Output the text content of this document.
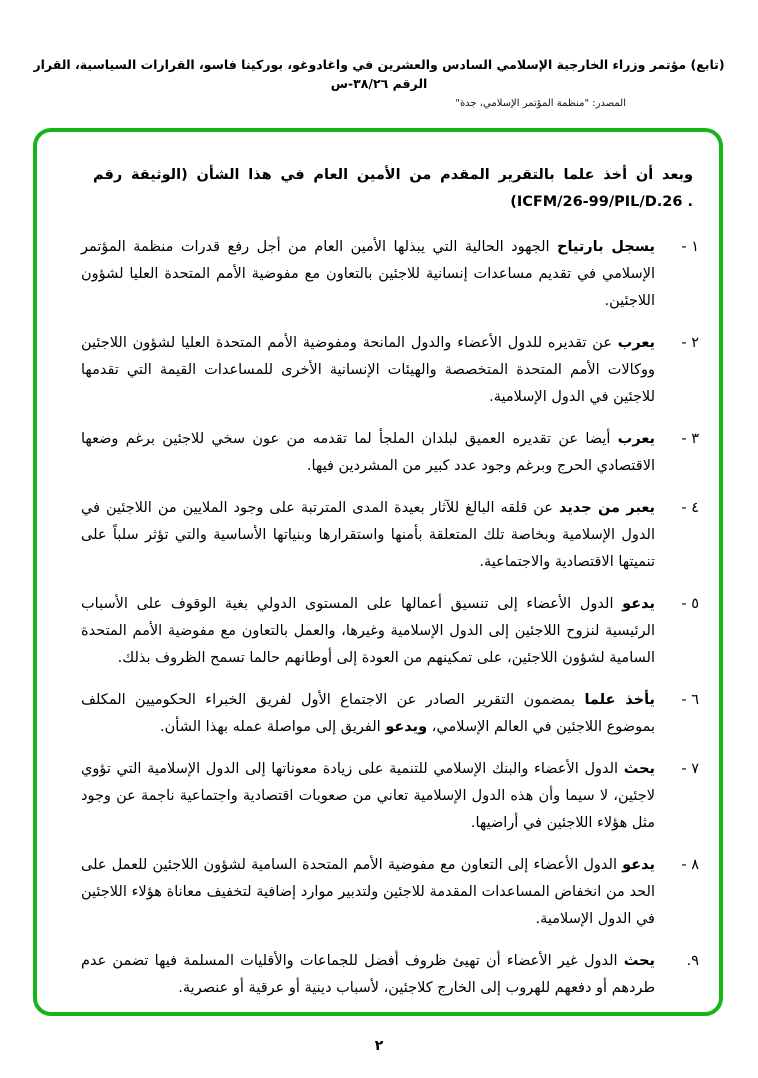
(تابع) مؤتمر وزراء الخارجية الإسلامي السادس والعشرين في واغادوغو، بوركينا فاسو، القرارات السياسية، القرار الرقم ٣٨/٢٦-س
المصدر: "منظمة المؤتمر الإسلامي، جدة"

وبعد أن أخذ علما بالتقرير المقدم من الأمين العام في هذا الشأن (الوثيقة رقم (ICFM/26-99/PIL/D.26 .

١ -

يسجل بارتياح الجهود الحالية التي يبذلها الأمين العام من أجل رفع قدرات منظمة المؤتمر الإسلامي في تقديم مساعدات إنسانية للاجئين بالتعاون مع مفوضية الأمم المتحدة العليا لشؤون اللاجئين.

٢ -

يعرب عن تقديره للدول الأعضاء والدول المانحة ومفوضية الأمم المتحدة العليا لشؤون اللاجئين ووكالات الأمم المتحدة المتخصصة والهيئات الإنسانية الأخرى للمساعدات القيمة التي تقدمها للاجئين في الدول الإسلامية.

٣ -

يعرب أيضا عن تقديره العميق لبلدان الملجأ لما تقدمه من عون سخي للاجئين برغم وضعها الاقتصادي الحرج وبرغم وجود عدد كبير من المشردين فيها.

٤ -

يعبر من جديد عن قلقه البالغ للآثار بعيدة المدى المترتبة على وجود الملايين من اللاجئين في الدول الإسلامية وبخاصة تلك المتعلقة بأمنها واستقرارها وبنياتها الأساسية والتي تؤثر سلباً على تنميتها الاقتصادية والاجتماعية.

٥ -

يدعو الدول الأعضاء إلى تنسيق أعمالها على المستوى الدولي بغية الوقوف على الأسباب الرئيسية لنزوح اللاجئين إلى الدول الإسلامية وغيرها، والعمل بالتعاون مع مفوضية الأمم المتحدة السامية لشؤون اللاجئين، على تمكينهم من العودة إلى أوطانهم حالما تسمح الظروف بذلك.

٦ -

يأخذ علما بمضمون التقرير الصادر عن الاجتماع الأول لفريق الخبراء الحكوميين المكلف بموضوع اللاجئين في العالم الإسلامي، ويدعو الفريق إلى مواصلة عمله بهذا الشأن.

٧ -

يحث الدول الأعضاء والبنك الإسلامي للتنمية على زيادة معوناتها إلى الدول الإسلامية التي تؤوي لاجئين، لا سيما وأن هذه الدول الإسلامية تعاني من صعوبات اقتصادية واجتماعية ناجمة عن وجود مثل هؤلاء اللاجئين في أراضيها.

٨ -

يدعو الدول الأعضاء إلى التعاون مع مفوضية الأمم المتحدة السامية لشؤون اللاجئين للعمل على الحد من انخفاض المساعدات المقدمة للاجئين ولتدبير موارد إضافية لتخفيف معاناة هؤلاء اللاجئين في الدول الإسلامية.

٩.

يحث الدول غير الأعضاء أن تهيئ ظروف أفضل للجماعات والأقليات المسلمة فيها تضمن عدم طردهم أو دفعهم للهروب إلى الخارج كلاجئين، لأسباب دينية أو عرقية أو عنصرية.

٢
